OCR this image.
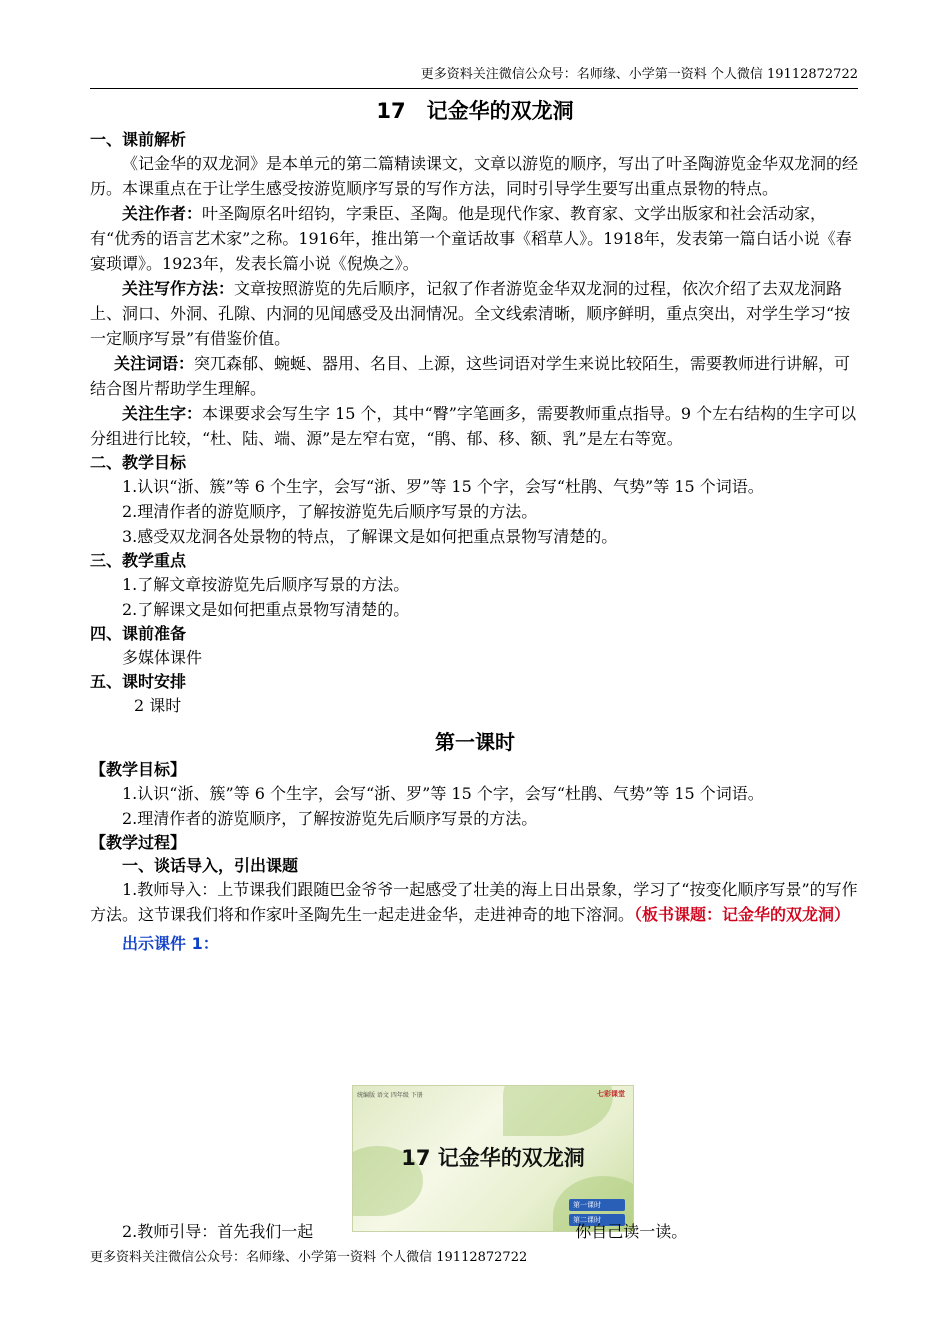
更多资料关注微信公众号：名师缘、小学第一资料 个人微信 19112872722
17　记金华的双龙洞
一、课前解析

《记金华的双龙洞》是本单元的第二篇精读课文，文章以游览的顺序，写出了叶圣陶游览金华双龙洞的经历。本课重点在于让学生感受按游览顺序写景的写作方法，同时引导学生要写出重点景物的特点。

关注作者：叶圣陶原名叶绍钧，字秉臣、圣陶。他是现代作家、教育家、文学出版家和社会活动家，有“优秀的语言艺术家”之称。1916年，推出第一个童话故事《稻草人》。1918年，发表第一篇白话小说《春宴琐谭》。1923年，发表长篇小说《倪焕之》。

关注写作方法：文章按照游览的先后顺序，记叙了作者游览金华双龙洞的过程，依次介绍了去双龙洞路上、洞口、外洞、孔隙、内洞的见闻感受及出洞情况。全文线索清晰，顺序鲜明，重点突出，对学生学习“按一定顺序写景”有借鉴价值。

关注词语：突兀森郁、蜿蜒、器用、名目、上源，这些词语对学生来说比较陌生，需要教师进行讲解，可结合图片帮助学生理解。

关注生字：本课要求会写生字 15 个，其中“臀”字笔画多，需要教师重点指导。9 个左右结构的生字可以分组进行比较，“杜、陆、端、源”是左窄右宽，“鹃、郁、移、额、乳”是左右等宽。

二、教学目标

1.认识“浙、簇”等 6 个生字，会写“浙、罗”等 15 个字，会写“杜鹃、气势”等 15 个词语。

2.理清作者的游览顺序，了解按游览先后顺序写景的方法。

3.感受双龙洞各处景物的特点，了解课文是如何把重点景物写清楚的。

三、教学重点

1.了解文章按游览先后顺序写景的方法。

2.了解课文是如何把重点景物写清楚的。

四、课前准备

多媒体课件

五、课时安排

2 课时

第一课时
【教学目标】

1.认识“浙、簇”等 6 个生字，会写“浙、罗”等 15 个字，会写“杜鹃、气势”等 15 个词语。

2.理清作者的游览顺序，了解按游览先后顺序写景的方法。

【教学过程】
一、谈话导入，引出课题

1.教师导入：上节课我们跟随巴金爷爷一起感受了壮美的海上日出景象，学习了“按变化顺序写景”的写作方法。这节课我们将和作家叶圣陶先生一起走进金华，走进神奇的地下溶洞。（板书课题：记金华的双龙洞）

出示课件 1：

统编版 语文 四年级 下册	七彩课堂
17 记金华的双龙洞
第一课时
第二课时
2.教师引导：首先我们一起	你自己读一读。
更多资料关注微信公众号：名师缘、小学第一资料 个人微信 19112872722
